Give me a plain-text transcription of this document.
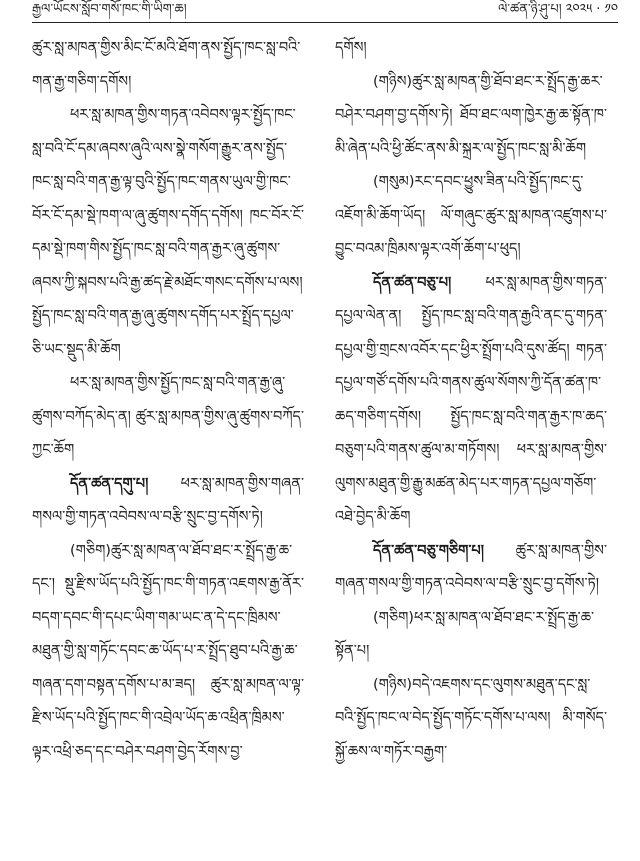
རྒྱལ་ཡོངས་སློབ་གསོ་ཁང་གི་ཡིག་ཆ།	ལེ་ཚན་ཉི་ཤུ་པ། ༢༠༢༥ · ༡༠

ཚུར་སླ་མཁན་གྱིས་མིང་ངོ་མའི་ཐོག་ནས་སྤྱོད་ཁང་སླ་བའི་གན་རྒྱ་གཅིག་དགོས།

ཕར་སླ་མཁན་གྱིས་གཏན་འབེབས་ལྟར་སྤྱོད་ཁང་སླ་བའི་ངོ་དམ་ཞབས་ཞུའི་ལས་སྣེ་གསོག་རྒྱུར་ནས་སྤྱོད་ཁང་སླ་བའི་གན་རྒྱ་ལྟ་བུའི་སྤྱོད་ཁང་གནས་ཡུལ་གྱི་ཁང་བོར་ངོ་དམ་སྡེ་ཁག་ལ་ཞུ་ཚུགས་དགོད་དགོས། ཁང་བོར་ངོ་དམ་སྡེ་ཁག་གིས་སྤྱོད་ཁང་སླ་བའི་གན་རྒྱར་ཞུ་ཚུགས་ཞབས་ཀྱི་སྐབས་པའི་རྒྱ་ཚད་རྗེ་མཐོང་གསང་དགོས་པ་ལས། སྤྱོད་ཁང་སླ་བའི་གན་རྒྱ་ཞུ་ཚུགས་དགོད་པར་སྤྲོད་དཔྱལ་ཅི་ཡང་སྡུད་མི་ཆོག

ཕར་སླ་མཁན་གྱིས་སྤྱོད་ཁང་སླ་བའི་གན་རྒྱ་ཞུ་ཚུགས་བཀོད་མེད་ན། ཚུར་སླ་མཁན་གྱིས་ཞུ་ཚུགས་བཀོད་ཀྱང་ཆོག

དོན་ཚན་དགུ་པ། ཕར་སླ་མཁན་གྱིས་གཞན་གསལ་གྱི་གཏན་འབེབས་ལ་བརྩི་སྲུང་བྱ་དགོས་ཏེ།

(གཅིག)ཚུར་སླ་མཁན་ལ་ཐོབ་ཐང་ར་སྤྲོད་རྒྱ་ཆ་དང་། སྡུ་རྫིས་ཡོད་པའི་སྤྱོད་ཁང་གི་གཏན་འཇགས་རྒྱ་ནོར་བདག་དབང་གི་དཔང་ཡིག་གམ་ཡང་ན་དེ་དང་ཁྲིམས་མཐུན་གྱི་སླ་གཏོང་དབང་ཆ་ཡོད་པ་ར་སྤྲོད་ཐུབ་པའི་རྒྱ་ཆ་གཞན་དག་བསྟན་དགོས་པ་མ་ཟད། ཚུར་སླ་མཁན་ལ་ལྟ་རྫིས་ཡོད་པའི་སྤྱོད་ཁང་གི་འབྲེལ་ཡོད་ཆ་འཕྲིན་ཁྲིམས་ལྟར་འཕྲི་ཅད་དང་བཤེར་བཤག་བྱེད་རོགས་བྱ་

དགོས།

(གཉིས)ཚུར་སླ་མཁན་གྱི་ཐོབ་ཐང་ར་སྤྲོད་རྒྱ་ཆར་བཤེར་བཤག་བྱ་དགོས་ཏེ། ཐོབ་ཐང་ལག་ཁྱེར་རྒྱ་ཆ་སྟོན་ཁ་མི་ཞེན་པའི་ཕྱི་ཚོང་ནས་མི་སྐྲར་ལ་སྤྱོད་ཁང་སླ་མི་ཆོག

(གསུམ)རང་དབང་ཕྱུས་ཟིན་པའི་སྤྱོད་ཁང་དུ་འཇོག་མི་ཆོག་ཡོད། ལོ་གཞུང་ཚུར་སླ་མཁན་འཛུགས་པ་བྱུང་བའམ་ཁྲིམས་ལྟར་འགོ་ཆོག་པ་ཕུད།

དོན་ཚན་བཅུ་པ། ཕར་སླ་མཁན་གྱིས་གཏན་དཔྱལ་ལེན་ན། སྤྱོད་ཁང་སླ་བའི་གན་རྒྱའི་ནང་དུ་གཏན་དཔྱལ་གྱི་གྲངས་འབོར་དང་ཕྱིར་སྤྲོག་པའི་དུས་ཚོད། གཏན་དཔྱལ་གཙོ་དགོས་པའི་གནས་ཚུལ་སོགས་ཀྱི་དོན་ཚན་ཁ་ཆད་གཅིག་དགོས། སྤྱོད་ཁང་སླ་བའི་གན་རྒྱར་ཁ་ཆད་བཅུག་པའི་གནས་ཚུལ་མ་གཏོགས། ཕར་སླ་མཁན་གྱིས་ལུགས་མཐུན་གྱི་རྒྱུ་མཚན་མེད་པར་གཏན་དཔྱལ་གཅོག་འཐེ་བྱེད་མི་ཆོག

དོན་ཚན་བཅུ་གཅིག་པ། ཚུར་སླ་མཁན་གྱིས་གཞན་གསལ་གྱི་གཏན་འབེབས་ལ་བརྩི་སྲུང་བྱ་དགོས་ཏེ།

(གཅིག)ཕར་སླ་མཁན་ལ་ཐོབ་ཐང་ར་སྤྲོད་རྒྱ་ཆ་སྟོན་པ།

(གཉིས)བདེ་འཇགས་དང་ལུགས་མཐུན་དང་སླ་བའི་སྤྱོད་ཁང་ལ་བེད་སྤྱོད་གཏོང་དགོས་པ་ལས། མི་གསོད་སྐྱོ་ཆས་ལ་གཏོར་བརྒྱག་
